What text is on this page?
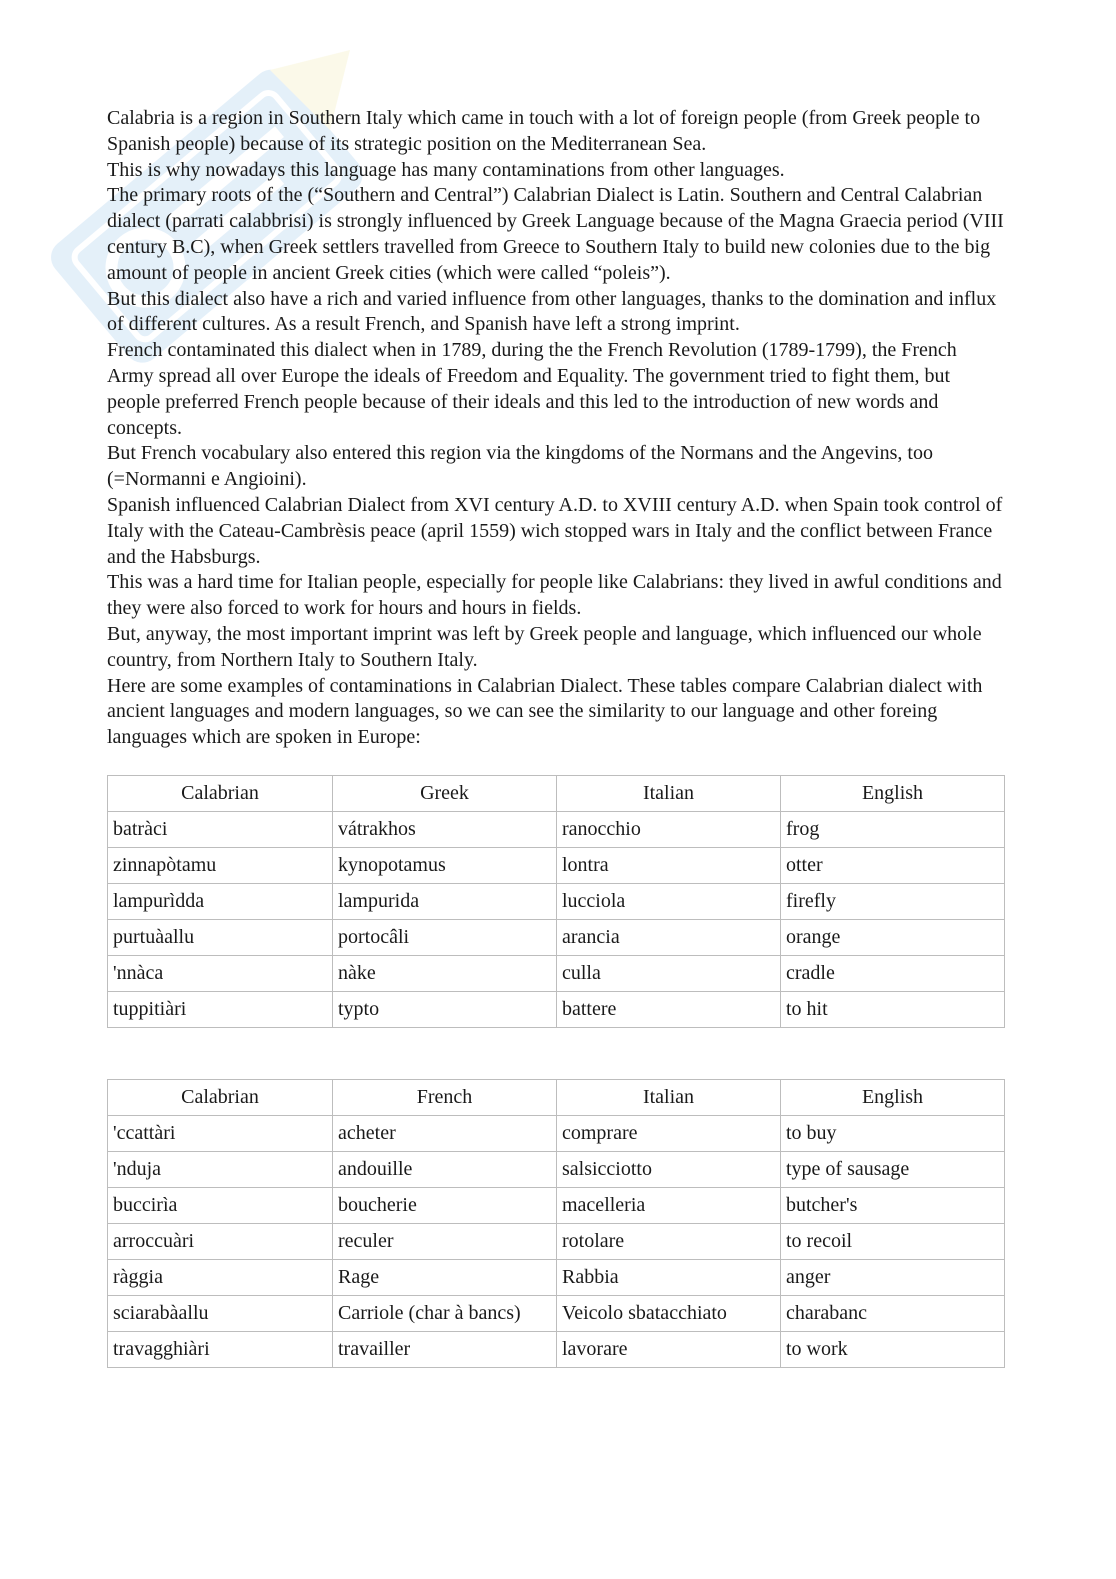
Calabria is a region in Southern Italy which came in touch with a lot of foreign people (from Greek people to Spanish people) because of its strategic position on the Mediterranean Sea.

This is why nowadays this language has many contaminations from other languages.

The primary roots of the (“Southern and Central”) Calabrian Dialect is Latin. Southern and Central Calabrian dialect (parrati calabbrisi) is strongly influenced by Greek Language because of the Magna Graecia period (VIII century B.C), when Greek settlers travelled from Greece to Southern Italy to build new colonies due to the big amount of people in ancient Greek cities (which were called “poleis”).

But this dialect also have a rich and varied influence from other languages, thanks to the domination and influx of different cultures. As a result French, and Spanish have left a strong imprint.

French contaminated this dialect when in 1789, during the the French Revolution (1789-1799), the French Army spread all over Europe the ideals of Freedom and Equality. The government tried to fight them, but people preferred French people because of their ideals and this led to the introduction of new words and concepts.

But French vocabulary also entered this region via the kingdoms of the Normans and the Angevins, too (=Normanni e Angioini).

Spanish influenced Calabrian Dialect from XVI century A.D. to XVIII century A.D. when Spain took control of Italy with the Cateau-Cambrèsis peace (april 1559) wich stopped wars in Italy and the conflict between France and the Habsburgs.

This was a hard time for Italian people, especially for people like Calabrians: they lived in awful conditions and they were also forced to work for hours and hours in fields.

But, anyway, the most important imprint was left by Greek people and language, which influenced our whole country, from Northern Italy to Southern Italy.

Here are some examples of contaminations in Calabrian Dialect. These tables compare Calabrian dialect with ancient languages and modern languages, so we can see the similarity to our language and other foreing languages which are spoken in Europe:

Calabrian	Greek	Italian	English
batràci	vátrakhos	ranocchio	frog
zinnapòtamu	kynopotamus	lontra	otter
lampurìdda	lampurida	lucciola	firefly
purtuàallu	portocâli	arancia	orange
'nnàca	nàke	culla	cradle
tuppitiàri	typto	battere	to hit
Calabrian	French	Italian	English
'ccattàri	acheter	comprare	to buy
'nduja	andouille	salsicciotto	type of sausage
buccirìa	boucherie	macelleria	butcher's
arroccuàri	reculer	rotolare	to recoil
ràggia	Rage	Rabbia	anger
sciarabàallu	Carriole (char à bancs)	Veicolo sbatacchiato	charabanc
travagghiàri	travailler	lavorare	to work
